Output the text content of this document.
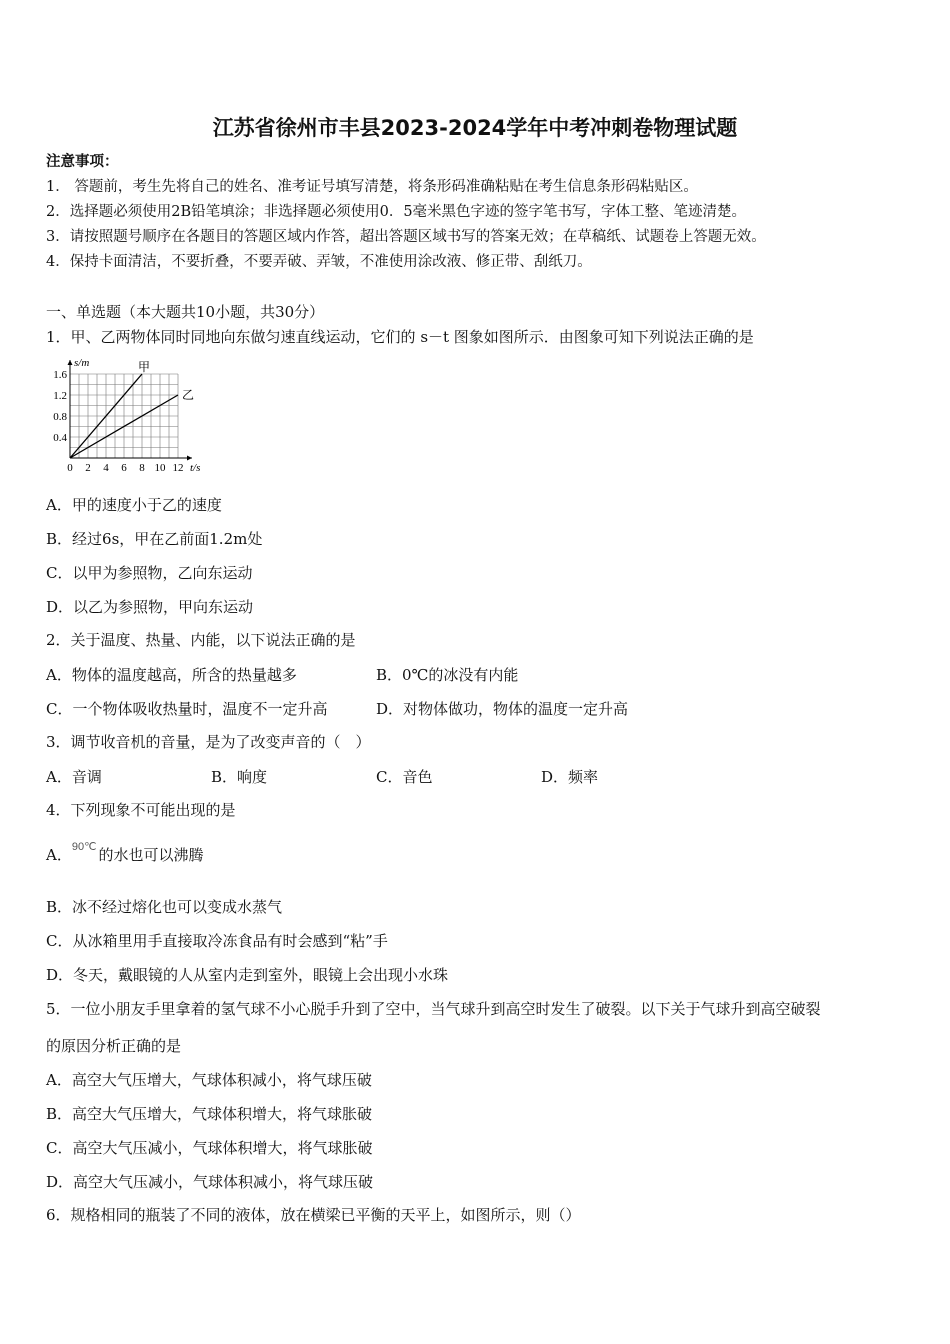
江苏省徐州市丰县2023-2024学年中考冲刺卷物理试题
注意事项：
1． 答题前，考生先将自己的姓名、准考证号填写清楚，将条形码准确粘贴在考生信息条形码粘贴区。
2．选择题必须使用2B铅笔填涂；非选择题必须使用0．5毫米黑色字迹的签字笔书写，字体工整、笔迹清楚。
3．请按照题号顺序在各题目的答题区域内作答，超出答题区域书写的答案无效；在草稿纸、试题卷上答题无效。
4．保持卡面清洁，不要折叠，不要弄破、弄皱，不准使用涂改液、修正带、刮纸刀。
一、单选题（本大题共10小题，共30分）
1．甲、乙两物体同时同地向东做匀速直线运动，它们的 s－t 图象如图所示．由图象可知下列说法正确的是
0 2 4 6 8 10 12
0.4
0.8
1.2
1.6
t/s
s/m	甲
乙
A．甲的速度小于乙的速度
B．经过6s，甲在乙前面1.2m处
C．以甲为参照物，乙向东运动
D．以乙为参照物，甲向东运动
2．关于温度、热量、内能，以下说法正确的是
A．物体的温度越高，所含的热量越多	B．0℃的冰没有内能
C．一个物体吸收热量时，温度不一定升高	D．对物体做功，物体的温度一定升高
3．调节收音机的音量，是为了改变声音的（　）
A．音调	B．响度	C．音色	D．频率
4．下列现象不可能出现的是
A．90℃ 的水也可以沸腾
B．冰不经过熔化也可以变成水蒸气
C．从冰箱里用手直接取冷冻食品有时会感到“粘”手
D．冬天，戴眼镜的人从室内走到室外，眼镜上会出现小水珠
5．一位小朋友手里拿着的氢气球不小心脱手升到了空中，当气球升到高空时发生了破裂。以下关于气球升到高空破裂
的原因分析正确的是
A．高空大气压增大，气球体积减小，将气球压破
B．高空大气压增大，气球体积增大，将气球胀破
C．高空大气压减小，气球体积增大，将气球胀破
D．高空大气压减小，气球体积减小，将气球压破
6．规格相同的瓶装了不同的液体，放在横梁已平衡的天平上，如图所示，则（）
